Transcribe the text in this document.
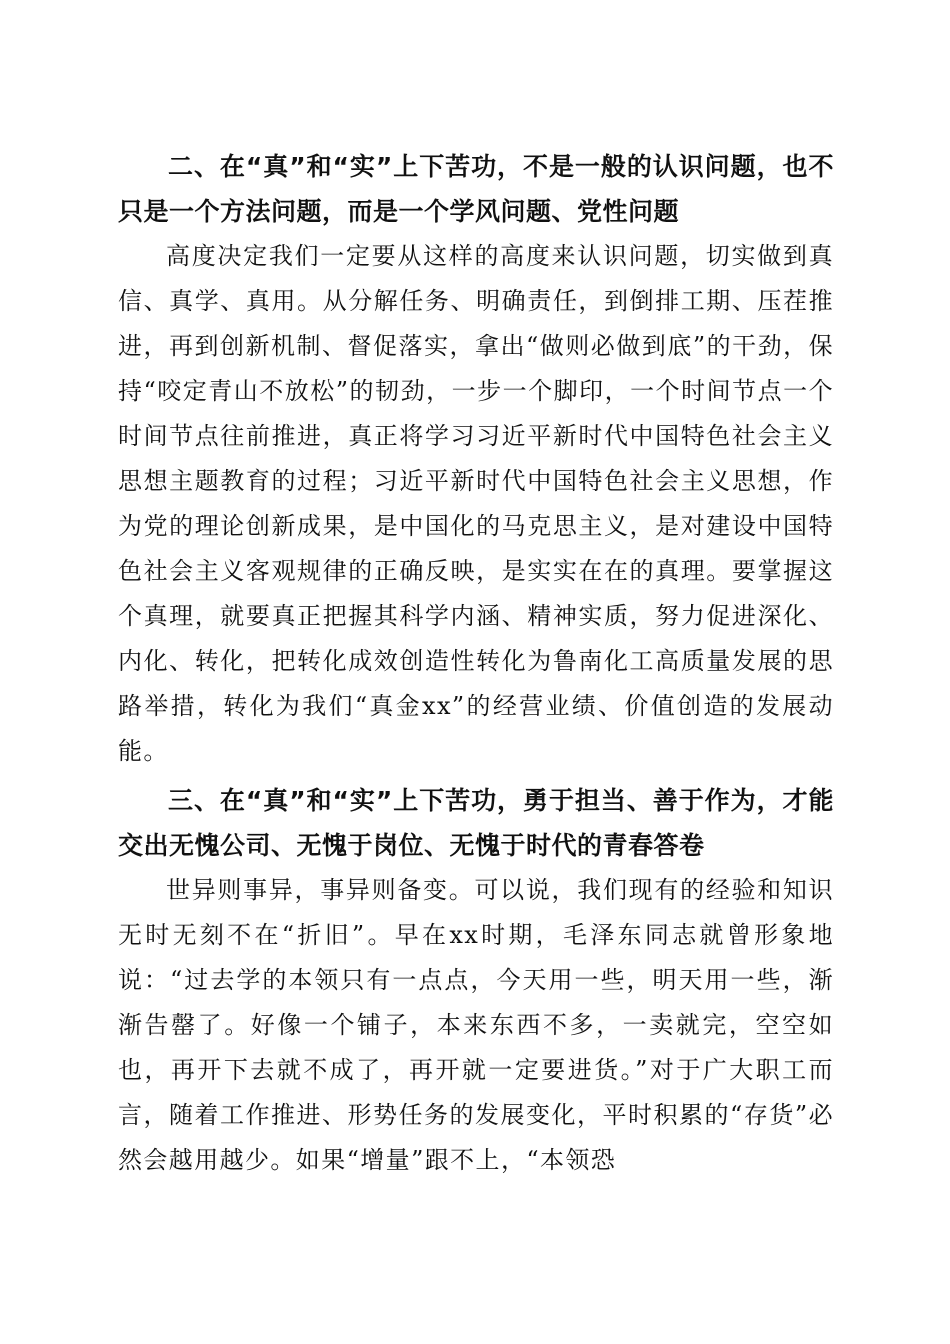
二、在“真”和“实”上下苦功，不是一般的认识问题，也不只是一个方法问题，而是一个学风问题、党性问题

高度决定我们一定要从这样的高度来认识问题，切实做到真信、真学、真用。从分解任务、明确责任，到倒排工期、压茬推进，再到创新机制、督促落实，拿出“做则必做到底”的干劲，保持“咬定青山不放松”的韧劲，一步一个脚印，一个时间节点一个时间节点往前推进，真正将学习习近平新时代中国特色社会主义思想主题教育的过程；习近平新时代中国特色社会主义思想，作为党的理论创新成果，是中国化的马克思主义，是对建设中国特色社会主义客观规律的正确反映，是实实在在的真理。要掌握这个真理，就要真正把握其科学内涵、精神实质，努力促进深化、内化、转化，把转化成效创造性转化为鲁南化工高质量发展的思路举措，转化为我们“真金xx”的经营业绩、价值创造的发展动能。

三、在“真”和“实”上下苦功，勇于担当、善于作为，才能交出无愧公司、无愧于岗位、无愧于时代的青春答卷

世异则事异，事异则备变。可以说，我们现有的经验和知识无时无刻不在“折旧”。早在xx时期，毛泽东同志就曾形象地说：“过去学的本领只有一点点，今天用一些，明天用一些，渐渐告罄了。好像一个铺子，本来东西不多，一卖就完，空空如也，再开下去就不成了，再开就一定要进货。”对于广大职工而言，随着工作推进、形势任务的发展变化，平时积累的“存货”必然会越用越少。如果“增量”跟不上，“本领恐
